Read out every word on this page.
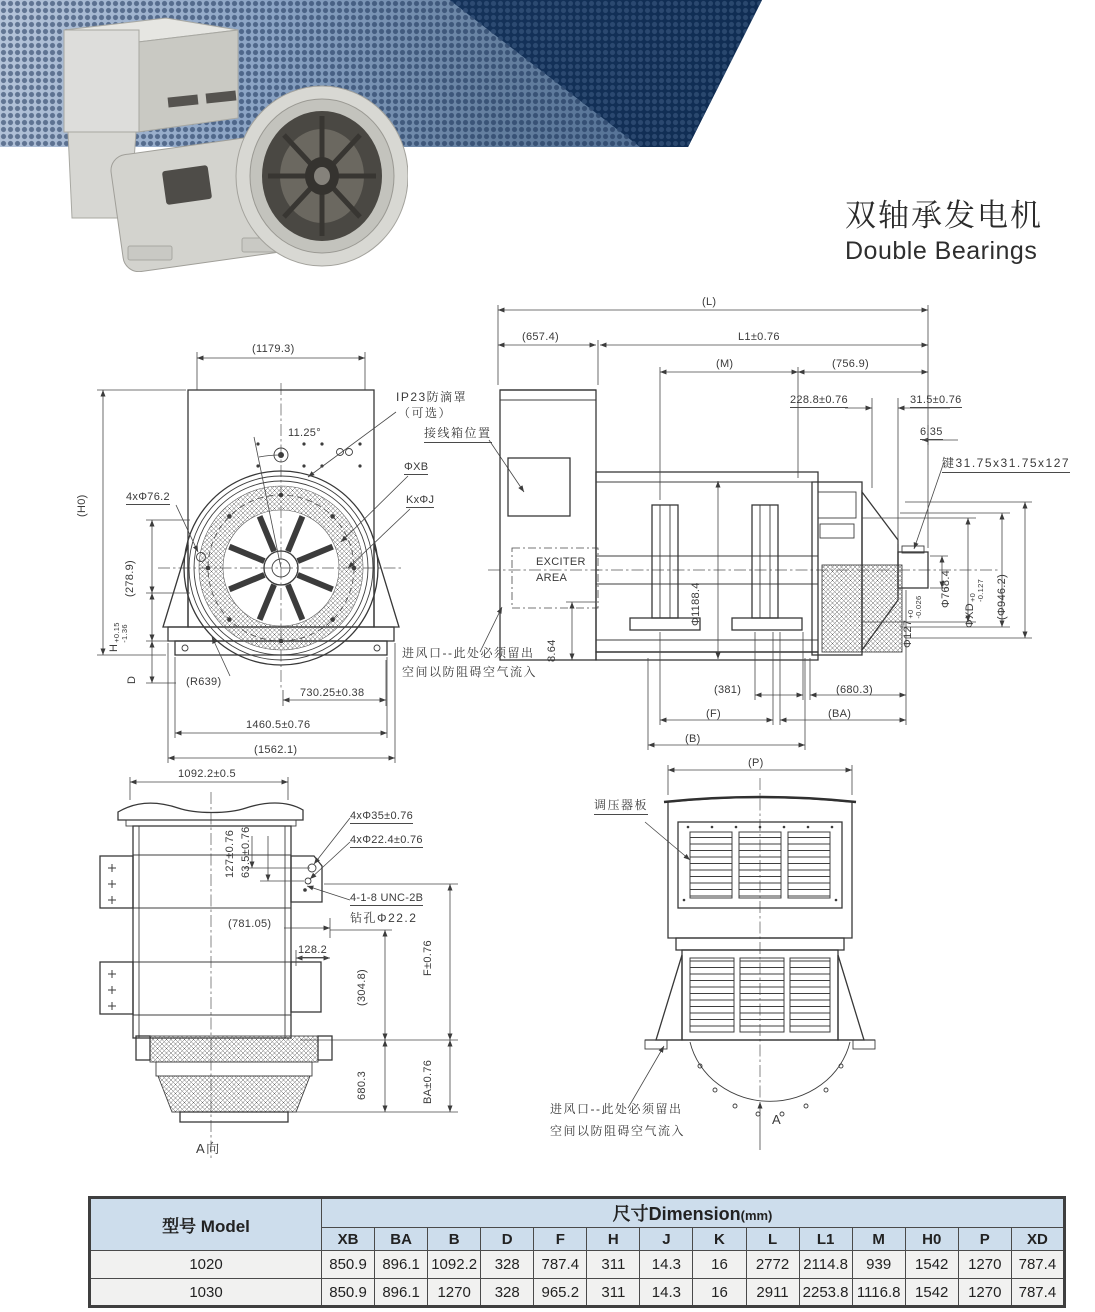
双轴承发电机
Double Bearings
(1179.3)
11.25°
IP23防滴罩
（可选）
接线箱位置
ΦXB
KxΦJ
4xΦ76.2
(H0)
(278.9)
H
+0.15
-1.36
D	(R639)
730.25±0.38
1460.5±0.76
(1562.1)
(L)
(657.4)	L1±0.76
(M)	(756.9)
228.8±0.76	31.5±0.76
6.35
键31.75x31.75x127
Φ768.4
ΦXD
+0
-0.127 (Φ946.2)
Φ127
+0
-0.026
Φ1188.4
8.64
EXCITER
AREA
进风口--此处必须留出
空间以防阻碍空气流入
(381)	(680.3)
(F)	(BA)
(B)
1092.2±0.5
4xΦ35±0.76
4xΦ22.4±0.76
127±0.76 63.5±0.76
4-1-8 UNC-2B
钻孔Φ22.2
(781.05)
128.2
(304.8)
F±0.76
680.3	BA±0.76
A向
(P)
调压器板
进风口--此处必须留出
空间以防阻碍空气流入
A
型号 Model	尺寸Dimension(mm)													
	XB	BA	B	D	F	H	J	K	L	L1	M	H0	P	XD
1020	850.9	896.1	1092.2	328	787.4	311	14.3	16	2772	2114.8	939	1542	1270	787.4
1030	850.9	896.1	1270	328	965.2	311	14.3	16	2911	2253.8	1116.8	1542	1270	787.4
